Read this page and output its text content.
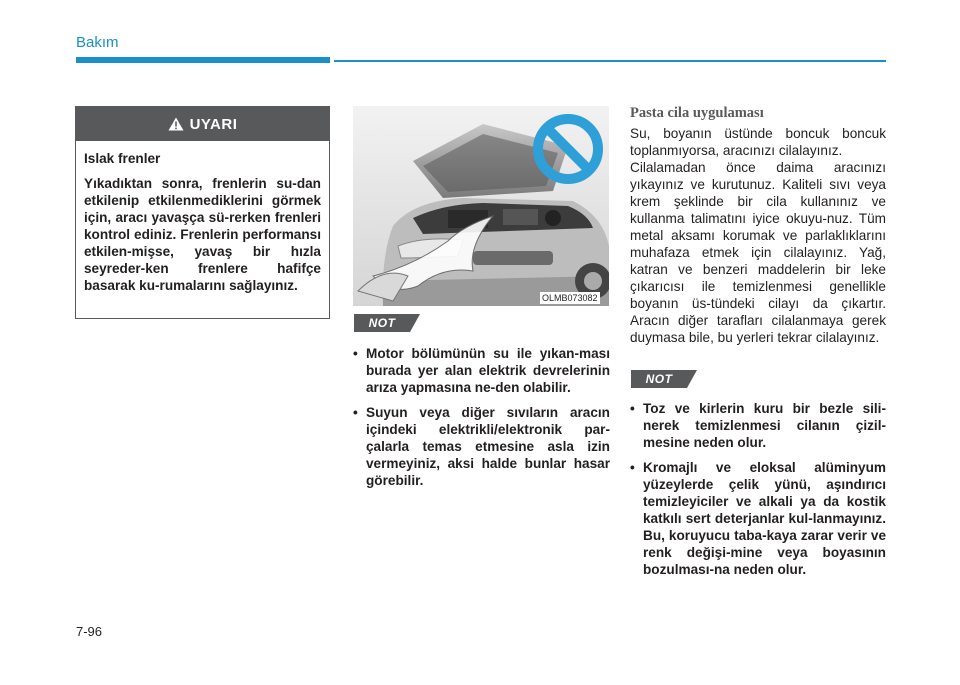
Bakım
UYARI
Islak frenler
Yıkadıktan sonra, frenlerin su-dan etkilenip etkilenmediklerini görmek için, aracı yavaşça sü-rerken frenleri kontrol ediniz. Frenlerin performansı etkilen-mişse, yavaş bir hızla seyreder-ken frenlere hafifçe basarak ku-rumalarını sağlayınız.
OLMB073082
NOT
• Motor bölümünün su ile yıkan-ması burada yer alan elektrik devrelerinin arıza yapmasına ne-den olabilir.
• Suyun veya diğer sıvıların aracın içindeki elektrikli/elektronik par-çalarla temas etmesine asla izin vermeyiniz, aksi halde bunlar hasar görebilir.
Pasta cila uygulaması
Su, boyanın üstünde boncuk boncuk toplanmıyorsa, aracınızı cilalayınız.
Cilalamadan önce daima aracınızı yıkayınız ve kurutunuz. Kaliteli sıvı veya krem şeklinde bir cila kullanınız ve kullanma talimatını iyice okuyu-nuz. Tüm metal aksamı korumak ve parlaklıklarını muhafaza etmek için cilalayınız. Yağ, katran ve benzeri maddelerin bir leke çıkarıcısı ile temizlenmesi genellikle boyanın üs-tündeki cilayı da çıkartır. Aracın diğer tarafları cilalanmaya gerek duymasa bile, bu yerleri tekrar cilalayınız.
NOT
• Toz ve kirlerin kuru bir bezle sili-nerek temizlenmesi cilanın çizil-mesine neden olur.
• Kromajlı ve eloksal alüminyum yüzeylerde çelik yünü, aşındırıcı temizleyiciler ve alkali ya da kostik katkılı sert deterjanlar kul-lanmayınız. Bu, koruyucu taba-kaya zarar verir ve renk değişi-mine veya boyasının bozulması-na neden olur.
7-96
